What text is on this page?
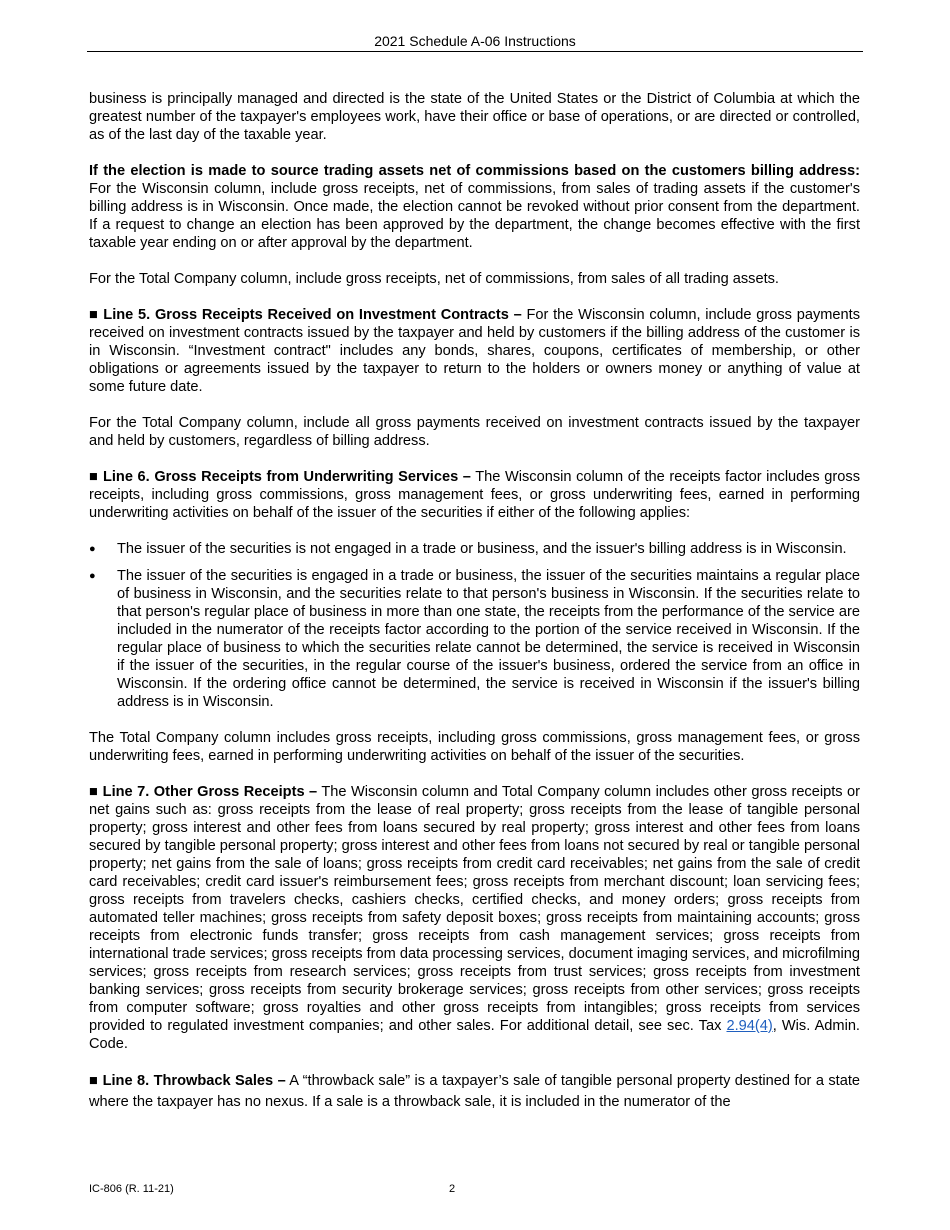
2021 Schedule A-06 Instructions

business is principally managed and directed is the state of the United States or the District of Columbia at which the greatest number of the taxpayer's employees work, have their office or base of operations, or are directed or controlled, as of the last day of the taxable year.

If the election is made to source trading assets net of commissions based on the customers billing address: For the Wisconsin column, include gross receipts, net of commissions, from sales of trading assets if the customer's billing address is in Wisconsin. Once made, the election cannot be revoked without prior consent from the department. If a request to change an election has been approved by the department, the change becomes effective with the first taxable year ending on or after approval by the department.

For the Total Company column, include gross receipts, net of commissions, from sales of all trading assets.

■ Line 5. Gross Receipts Received on Investment Contracts – For the Wisconsin column, include gross payments received on investment contracts issued by the taxpayer and held by customers if the billing address of the customer is in Wisconsin. “Investment contract" includes any bonds, shares, coupons, certificates of membership, or other obligations or agreements issued by the taxpayer to return to the holders or owners money or anything of value at some future date.

For the Total Company column, include all gross payments received on investment contracts issued by the taxpayer and held by customers, regardless of billing address.

■ Line 6. Gross Receipts from Underwriting Services – The Wisconsin column of the receipts factor includes gross receipts, including gross commissions, gross management fees, or gross underwriting fees, earned in performing underwriting activities on behalf of the issuer of the securities if either of the following applies:

● The issuer of the securities is not engaged in a trade or business, and the issuer's billing address is in Wisconsin.
● The issuer of the securities is engaged in a trade or business, the issuer of the securities maintains a regular place of business in Wisconsin, and the securities relate to that person's business in Wisconsin. If the securities relate to that person's regular place of business in more than one state, the receipts from the performance of the service are included in the numerator of the receipts factor according to the portion of the service received in Wisconsin. If the regular place of business to which the securities relate cannot be determined, the service is received in Wisconsin if the issuer of the securities, in the regular course of the issuer's business, ordered the service from an office in Wisconsin. If the ordering office cannot be determined, the service is received in Wisconsin if the issuer's billing address is in Wisconsin.

The Total Company column includes gross receipts, including gross commissions, gross management fees, or gross underwriting fees, earned in performing underwriting activities on behalf of the issuer of the securities.

■ Line 7. Other Gross Receipts – The Wisconsin column and Total Company column includes other gross receipts or net gains such as: gross receipts from the lease of real property; gross receipts from the lease of tangible personal property; gross interest and other fees from loans secured by real property; gross interest and other fees from loans secured by tangible personal property; gross interest and other fees from loans not secured by real or tangible personal property; net gains from the sale of loans; gross receipts from credit card receivables; net gains from the sale of credit card receivables; credit card issuer's reimbursement fees; gross receipts from merchant discount; loan servicing fees; gross receipts from travelers checks, cashiers checks, certified checks, and money orders; gross receipts from automated teller machines; gross receipts from safety deposit boxes; gross receipts from maintaining accounts; gross receipts from electronic funds transfer; gross receipts from cash management services; gross receipts from international trade services; gross receipts from data processing services, document imaging services, and microfilming services; gross receipts from research services; gross receipts from trust services; gross receipts from investment banking services; gross receipts from security brokerage services; gross receipts from other services; gross receipts from computer software; gross royalties and other gross receipts from intangibles; gross receipts from services provided to regulated investment companies; and other sales. For additional detail, see sec. Tax 2.94(4), Wis. Admin. Code.

■ Line 8. Throwback Sales – A “throwback sale” is a taxpayer’s sale of tangible personal property destined for a state where the taxpayer has no nexus. If a sale is a throwback sale, it is included in the numerator of the

IC-806 (R. 11-21)	2
